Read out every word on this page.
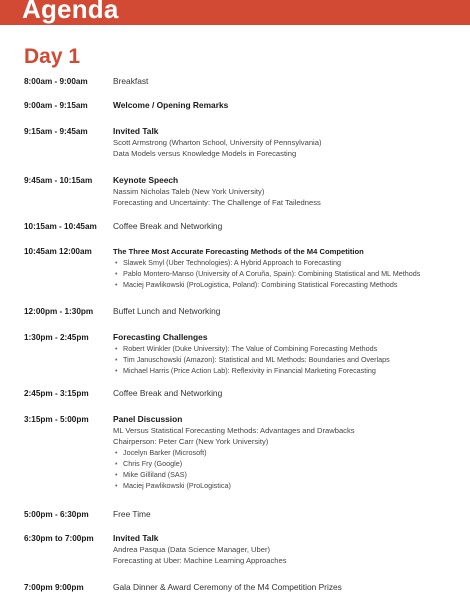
Agenda
Day 1
8:00am - 9:00am	Breakfast
9:00am - 9:15am	Welcome / Opening Remarks
9:15am - 9:45am	Invited Talk
Scott Armstrong (Wharton School, University of Pennsylvania)
Data Models versus Knowledge Models in Forecasting
9:45am - 10:15am	Keynote Speech
Nassim Nicholas Taleb (New York University)
Forecasting and Uncertainty: The Challenge of Fat Tailedness
10:15am - 10:45am	Coffee Break and Networking
10:45am 12:00am	The Three Most Accurate Forecasting Methods of the M4 Competition
• Slawek Smyl (Uber Technologies): A Hybrid Approach to Forecasting
• Pablo Montero-Manso (University of A Coruña, Spain): Combining Statistical and ML Methods
• Maciej Pawlikowski (ProLogistica, Poland): Combining Statistical Forecasting Methods
12:00pm - 1:30pm	Buffet Lunch and Networking
1:30pm - 2:45pm	Forecasting Challenges
• Robert Winkler (Duke University): The Value of Combining Forecasting Methods
• Tim Januschowski (Amazon): Statistical and ML Methods: Boundaries and Overlaps
• Michael Harris (Price Action Lab): Reflexivity in Financial Marketing Forecasting
2:45pm - 3:15pm	Coffee Break and Networking
3:15pm - 5:00pm	Panel Discussion
ML Versus Statistical Forecasting Methods: Advantages and Drawbacks
Chairperson: Peter Carr (New York University)
• Jocelyn Barker (Microsoft)
• Chris Fry (Google)
• Mike Gilliland (SAS)
• Maciej Pawlikowski (ProLogistica)
5:00pm - 6:30pm	Free Time
6:30pm to 7:00pm	Invited Talk
Andrea Pasqua (Data Science Manager, Uber)
Forecasting at Uber: Machine Learning Approaches
7:00pm 9:00pm	Gala Dinner & Award Ceremony of the M4 Competition Prizes
